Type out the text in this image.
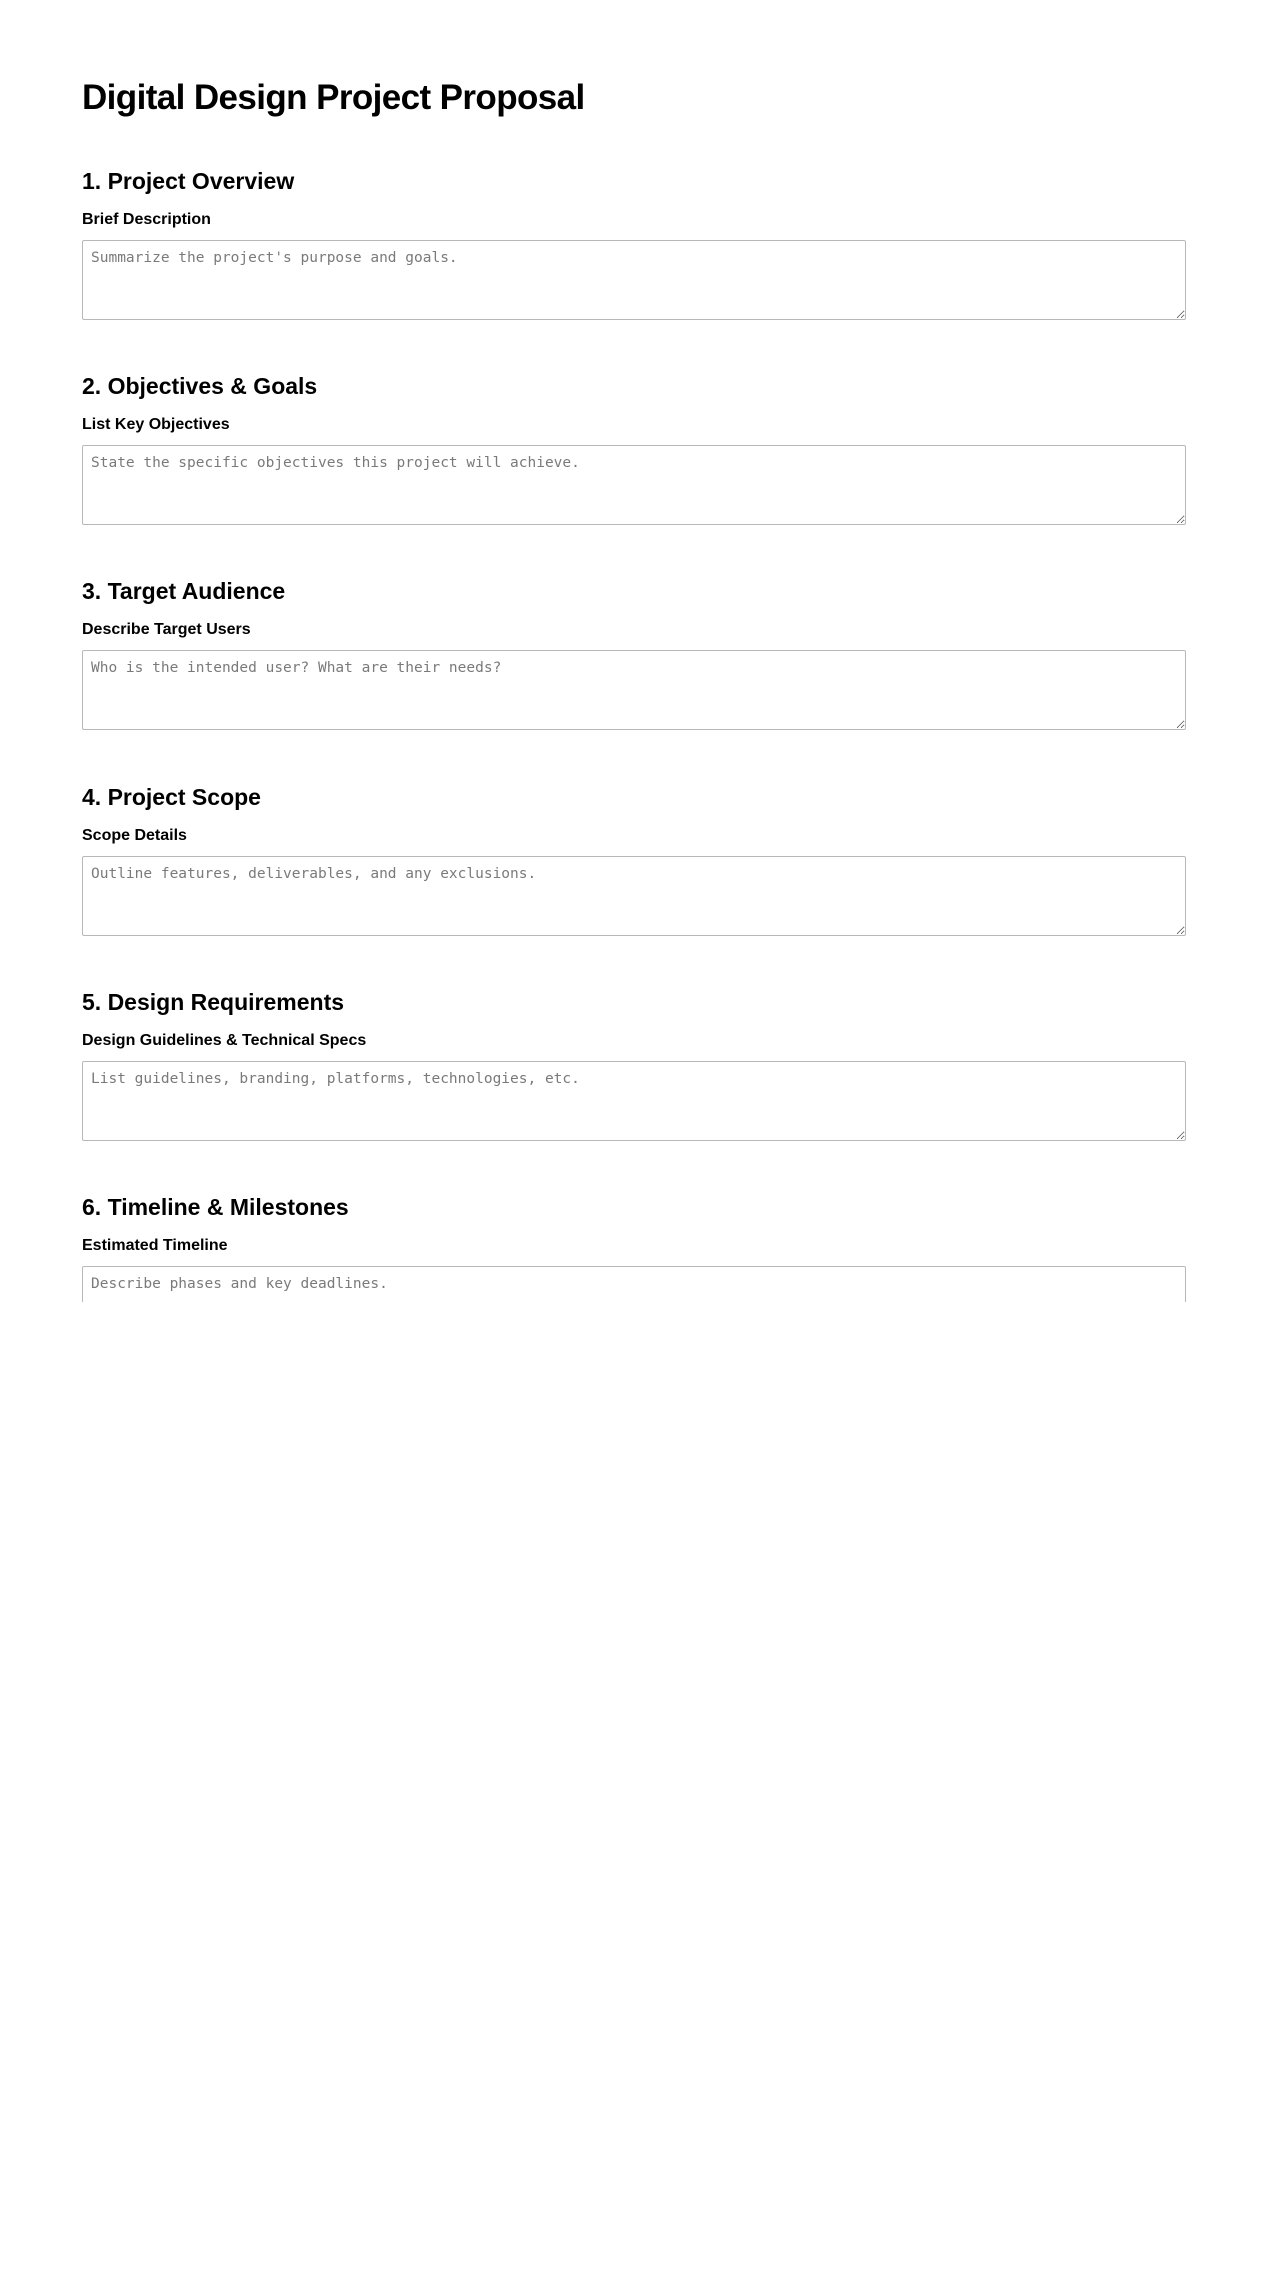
Digital Design Project Proposal
1. Project Overview
Brief Description
Summarize the project's purpose and goals.
2. Objectives & Goals
List Key Objectives
State the specific objectives this project will achieve.
3. Target Audience
Describe Target Users
Who is the intended user? What are their needs?
4. Project Scope
Scope Details
Outline features, deliverables, and any exclusions.
5. Design Requirements
Design Guidelines & Technical Specs
List guidelines, branding, platforms, technologies, etc.
6. Timeline & Milestones
Estimated Timeline
Describe phases and key deadlines.
